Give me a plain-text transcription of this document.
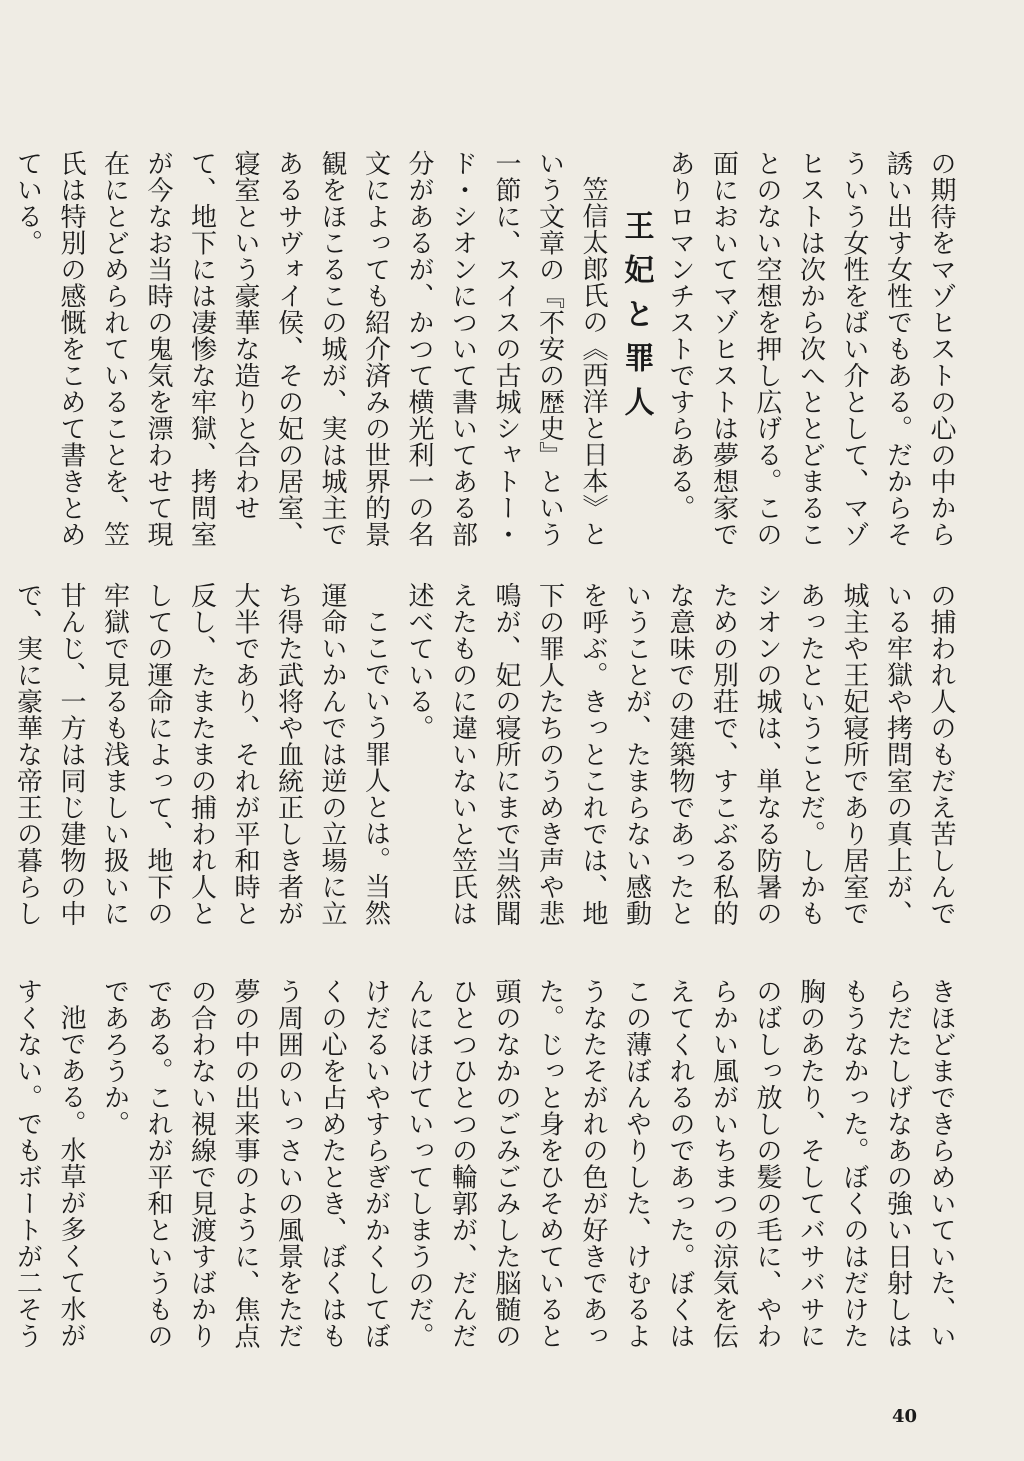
の期待をマゾヒストの心の中から誘い出す女性でもある。だからそういう女性をばい介として、マゾヒストは次から次へととどまることのない空想を押し広げる。この面においてマゾヒストは夢想家でありロマンチストですらある。

王妃と罪人

笠信太郎氏の《西洋と日本》という文章の『不安の歴史』という一節に、スイスの古城シャトー・ド・シオンについて書いてある部分があるが、かつて横光利一の名文によっても紹介済みの世界的景観をほこるこの城が、実は城主であるサヴォイ侯、その妃の居室、寝室という豪華な造りと合わせて、地下には凄惨な牢獄、拷問室が今なお当時の鬼気を漂わせて現在にとどめられていることを、笠氏は特別の感慨をこめて書きとめている。

の捕われ人のもだえ苦しんでいる牢獄や拷問室の真上が、城主や王妃寝所であり居室であったということだ。しかもシオンの城は、単なる防暑のための別荘で、すこぶる私的な意味での建築物であったということが、たまらない感動を呼ぶ。きっとこれでは、地下の罪人たちのうめき声や悲鳴が、妃の寝所にまで当然聞えたものに違いないと笠氏は述べている。

ここでいう罪人とは。当然運命いかんでは逆の立場に立ち得た武将や血統正しき者が大半であり、それが平和時と反し、たまたまの捕われ人としての運命によって、地下の牢獄で見るも浅ましい扱いに甘んじ、一方は同じ建物の中で、実に豪華な帝王の暮らし

きほどまできらめいていた、いらだたしげなあの強い日射しはもうなかった。ぼくのはだけた胸のあたり、そしてバサバサにのばしっ放しの髪の毛に、やわらかい風がいちまつの涼気を伝えてくれるのであった。ぼくはこの薄ぼんやりした、けむるようなたそがれの色が好きであった。じっと身をひそめていると頭のなかのごみごみした脳髄のひとつひとつの輪郭が、だんだんにほけていってしまうのだ。けだるいやすらぎがかくしてぼくの心を占めたとき、ぼくはもう周囲のいっさいの風景をただ夢の中の出来事のように、焦点の合わない視線で見渡すばかりである。これが平和というものであろうか。

池である。水草が多くて水がすくない。でもボートが二そう

40
